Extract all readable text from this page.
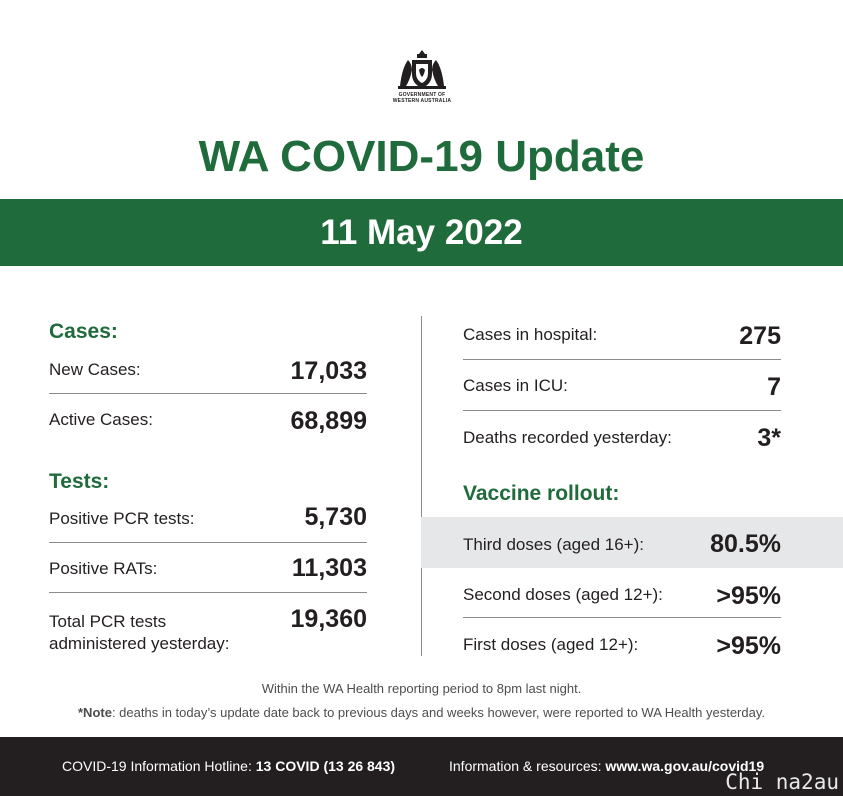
GOVERNMENT OF
WESTERN AUSTRALIA
WA COVID-19 Update
11 May 2022
Cases:
New Cases:	17,033
Active Cases:	68,899
Tests:
Positive PCR tests:	5,730
Positive RATs:	11,303
Total PCR tests
administered yesterday:
19,360
Cases in hospital:	275
Cases in ICU:	7
Deaths recorded yesterday:	3*
Vaccine rollout:
Third doses (aged 16+):	80.5%
Second doses (aged 12+): >95%
First doses (aged 12+):	>95%
Within the WA Health reporting period to 8pm last night.
*Note: deaths in today’s update date back to previous days and weeks however, were reported to WA Health yesterday.
COVID-19 Information Hotline: 13 COVID (13 26 843)	Information & resources: www.wa.gov.au/covid19
Chi na2au
